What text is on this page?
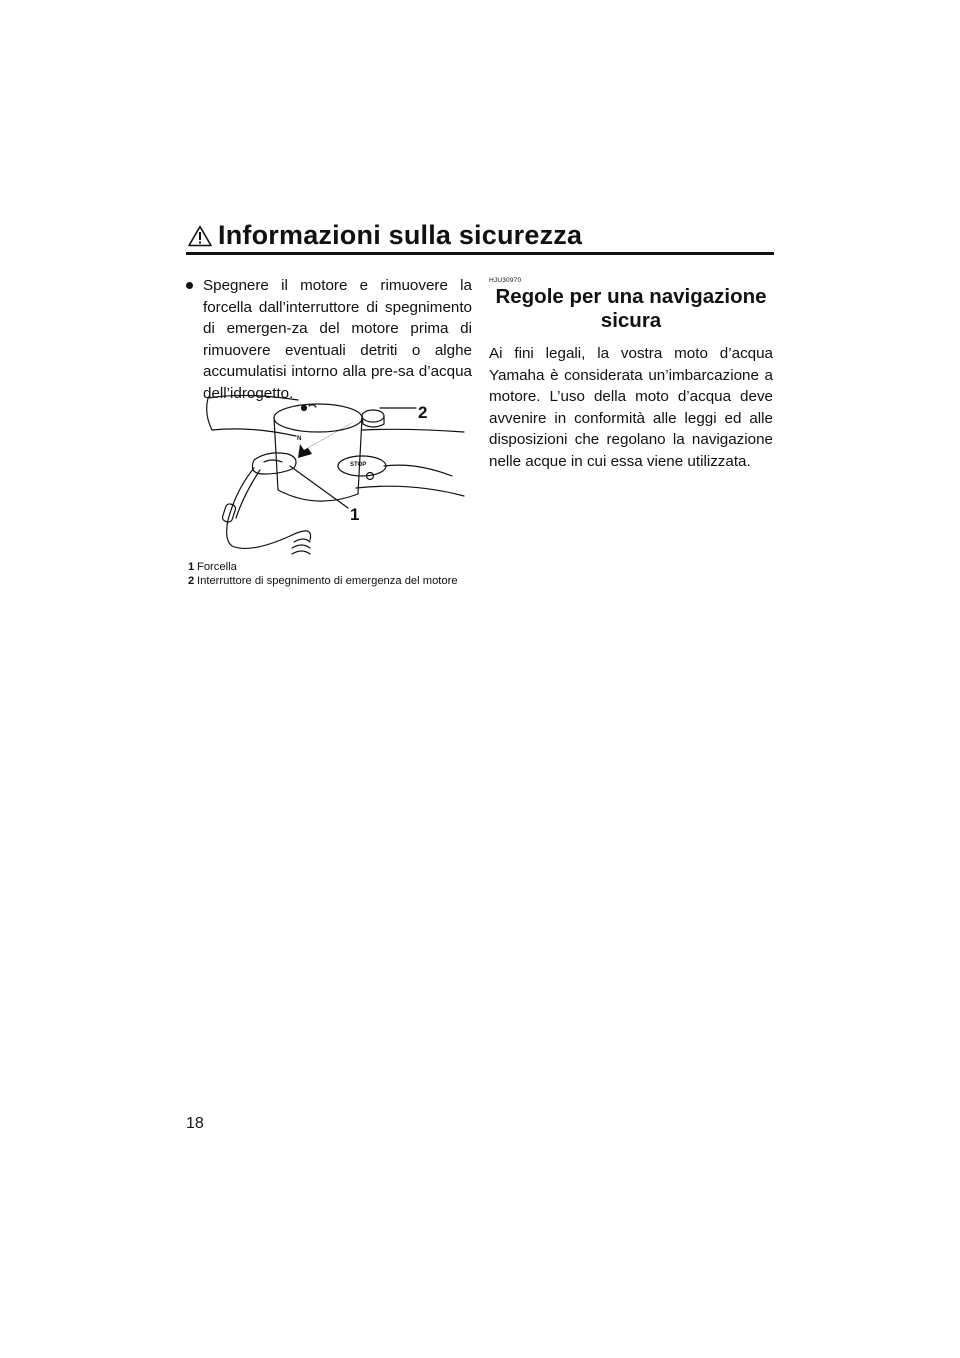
Informazioni sulla sicurezza
Spegnere il motore e rimuovere la forcella dall’interruttore di spegnimento di emergen-za del motore prima di rimuovere eventuali detriti o alghe accumulatisi intorno alla pre-sa d’acqua dell’idrogetto.
N
STOP
2
1
1 Forcella
2 Interruttore di spegnimento di emergenza del motore
HJU30970
Regole per una navigazione sicura
Ai fini legali, la vostra moto d’acqua Yamaha è considerata un’imbarcazione a motore. L’uso della moto d’acqua deve avvenire in conformità alle leggi ed alle disposizioni che regolano la navigazione nelle acque in cui essa viene utilizzata.
18
